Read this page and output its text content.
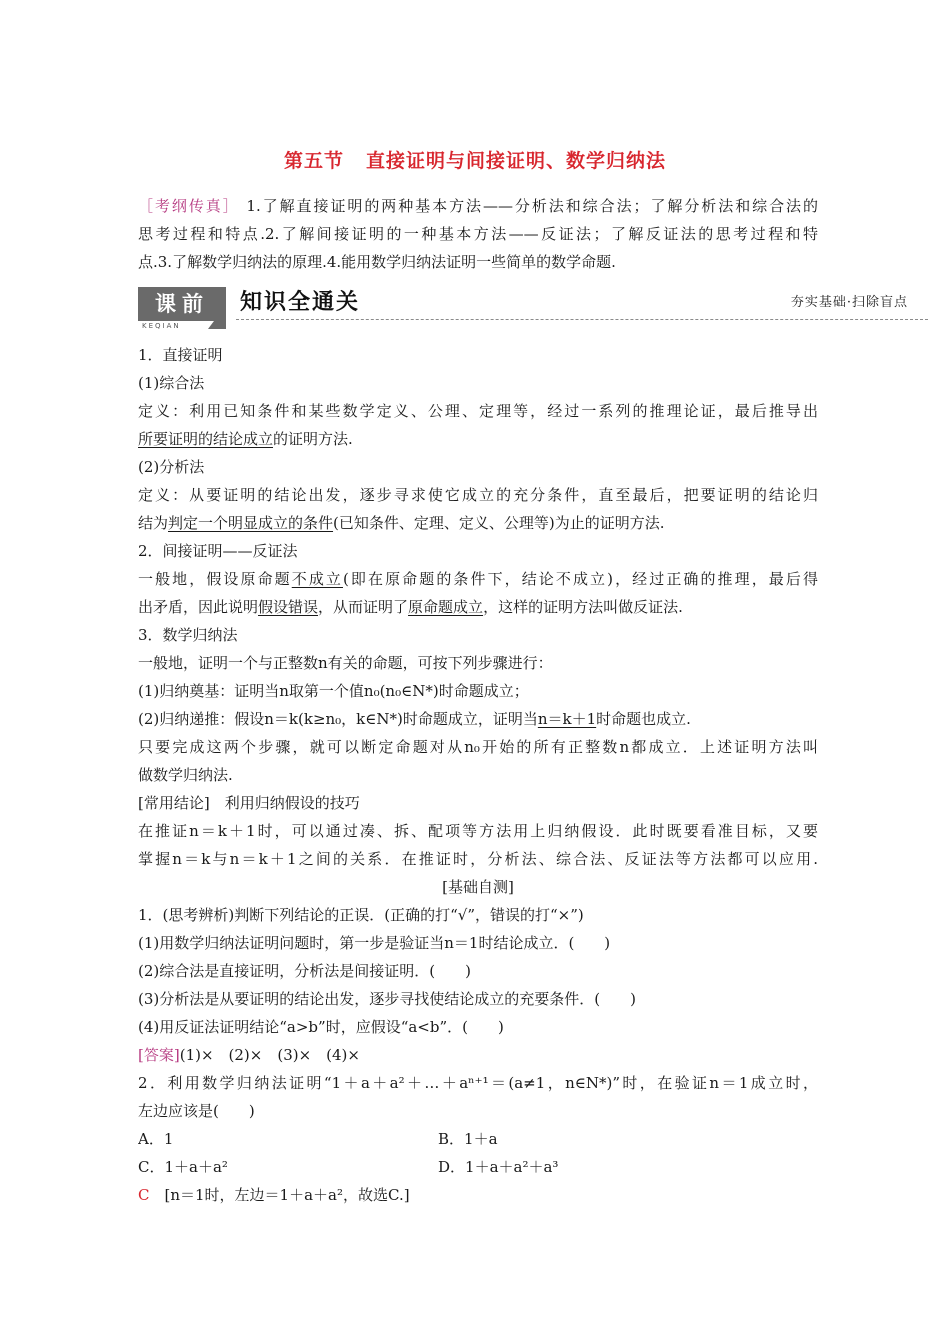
第五节 直接证明与间接证明、数学归纳法
［考纲传真］ 1.了解直接证明的两种基本方法——分析法和综合法；了解分析法和综合法的
思考过程和特点.2.了解间接证明的一种基本方法——反证法；了解反证法的思考过程和特
点.3.了解数学归纳法的原理.4.能用数学归纳法证明一些简单的数学命题.
课前
KEQIAN
知识全通关	夯实基础·扫除盲点
1．直接证明
(1)综合法
定义：利用已知条件和某些数学定义、公理、定理等，经过一系列的推理论证，最后推导出
所要证明的结论成立的证明方法.
(2)分析法
定义：从要证明的结论出发，逐步寻求使它成立的充分条件，直至最后，把要证明的结论归
结为判定一个明显成立的条件(已知条件、定理、定义、公理等)为止的证明方法.
2．间接证明——反证法
一般地，假设原命题不成立(即在原命题的条件下，结论不成立)，经过正确的推理，最后得
出矛盾，因此说明假设错误，从而证明了原命题成立，这样的证明方法叫做反证法.
3．数学归纳法
一般地，证明一个与正整数n有关的命题，可按下列步骤进行：
(1)归纳奠基：证明当n取第一个值n₀(n₀∈N*)时命题成立；
(2)归纳递推：假设n＝k(k≥n₀，k∈N*)时命题成立，证明当n＝k＋1时命题也成立.
只要完成这两个步骤，就可以断定命题对从n₀开始的所有正整数n都成立．上述证明方法叫
做数学归纳法.
[常用结论]　 利用归纳假设的技巧
在推证n＝k＋1时，可以通过凑、拆、配项等方法用上归纳假设．此时既要看准目标，又要
掌握n＝k与n＝k＋1之间的关系．在推证时，分析法、综合法、反证法等方法都可以应用.
[基础自测]
1．(思考辨析)判断下列结论的正误．(正确的打“√”，错误的打“×”)
(1)用数学归纳法证明问题时，第一步是验证当n＝1时结论成立．(　　)
(2)综合法是直接证明，分析法是间接证明．(　　)
(3)分析法是从要证明的结论出发，逐步寻找使结论成立的充要条件．(　　)
(4)用反证法证明结论“a>b”时，应假设“a<b”．(　　)
[答案](1)×　(2)×　(3)×　(4)×
2．利用数学归纳法证明“1＋a＋a²＋…＋aⁿ⁺¹＝(a≠1，n∈N*)”时，在验证n＝1成立时，
左边应该是(　　)
A．1	B．1＋a
C．1＋a＋a²	D．1＋a＋a²＋a³
C　 [n＝1时，左边＝1＋a＋a²，故选C.]
